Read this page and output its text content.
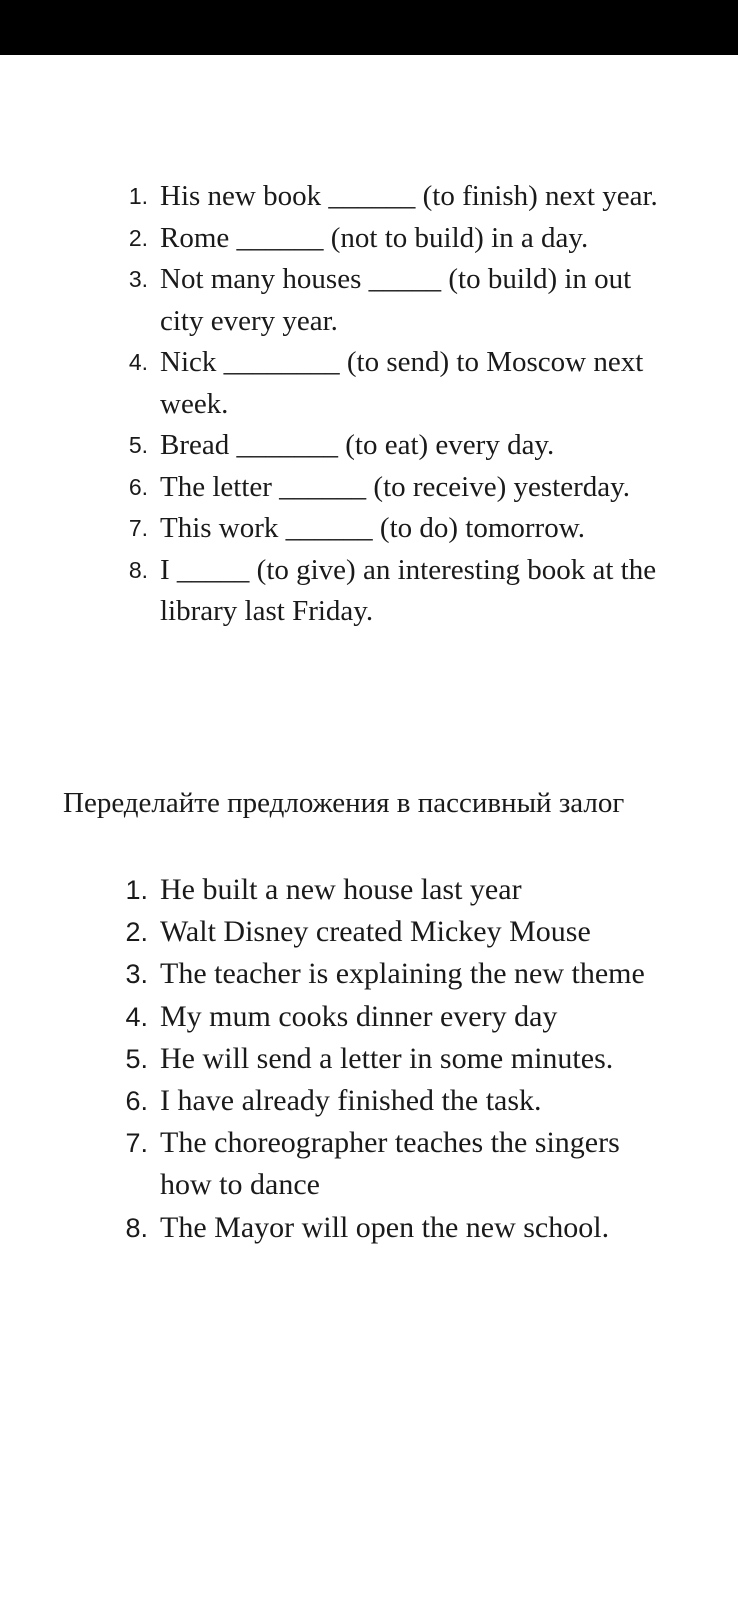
1. His new book ______ (to finish) next year.
2. Rome ______ (not to build) in a day.
3. Not many houses _____ (to build) in out city every year.
4. Nick ________ (to send) to Moscow next week.
5. Bread _______ (to eat) every day.
6. The letter ______ (to receive) yesterday.
7. This work ______ (to do) tomorrow.
8. I _____ (to give) an interesting book at the library last Friday.
Переделайте предложения в пассивный залог
1. He built a new house last year
2. Walt Disney created Mickey Mouse
3. The teacher is explaining the new theme
4. My mum cooks dinner every day
5. He will send a letter in some minutes.
6. I have already finished the task.
7. The choreographer teaches the singers how to dance
8. The Mayor will open the new school.
